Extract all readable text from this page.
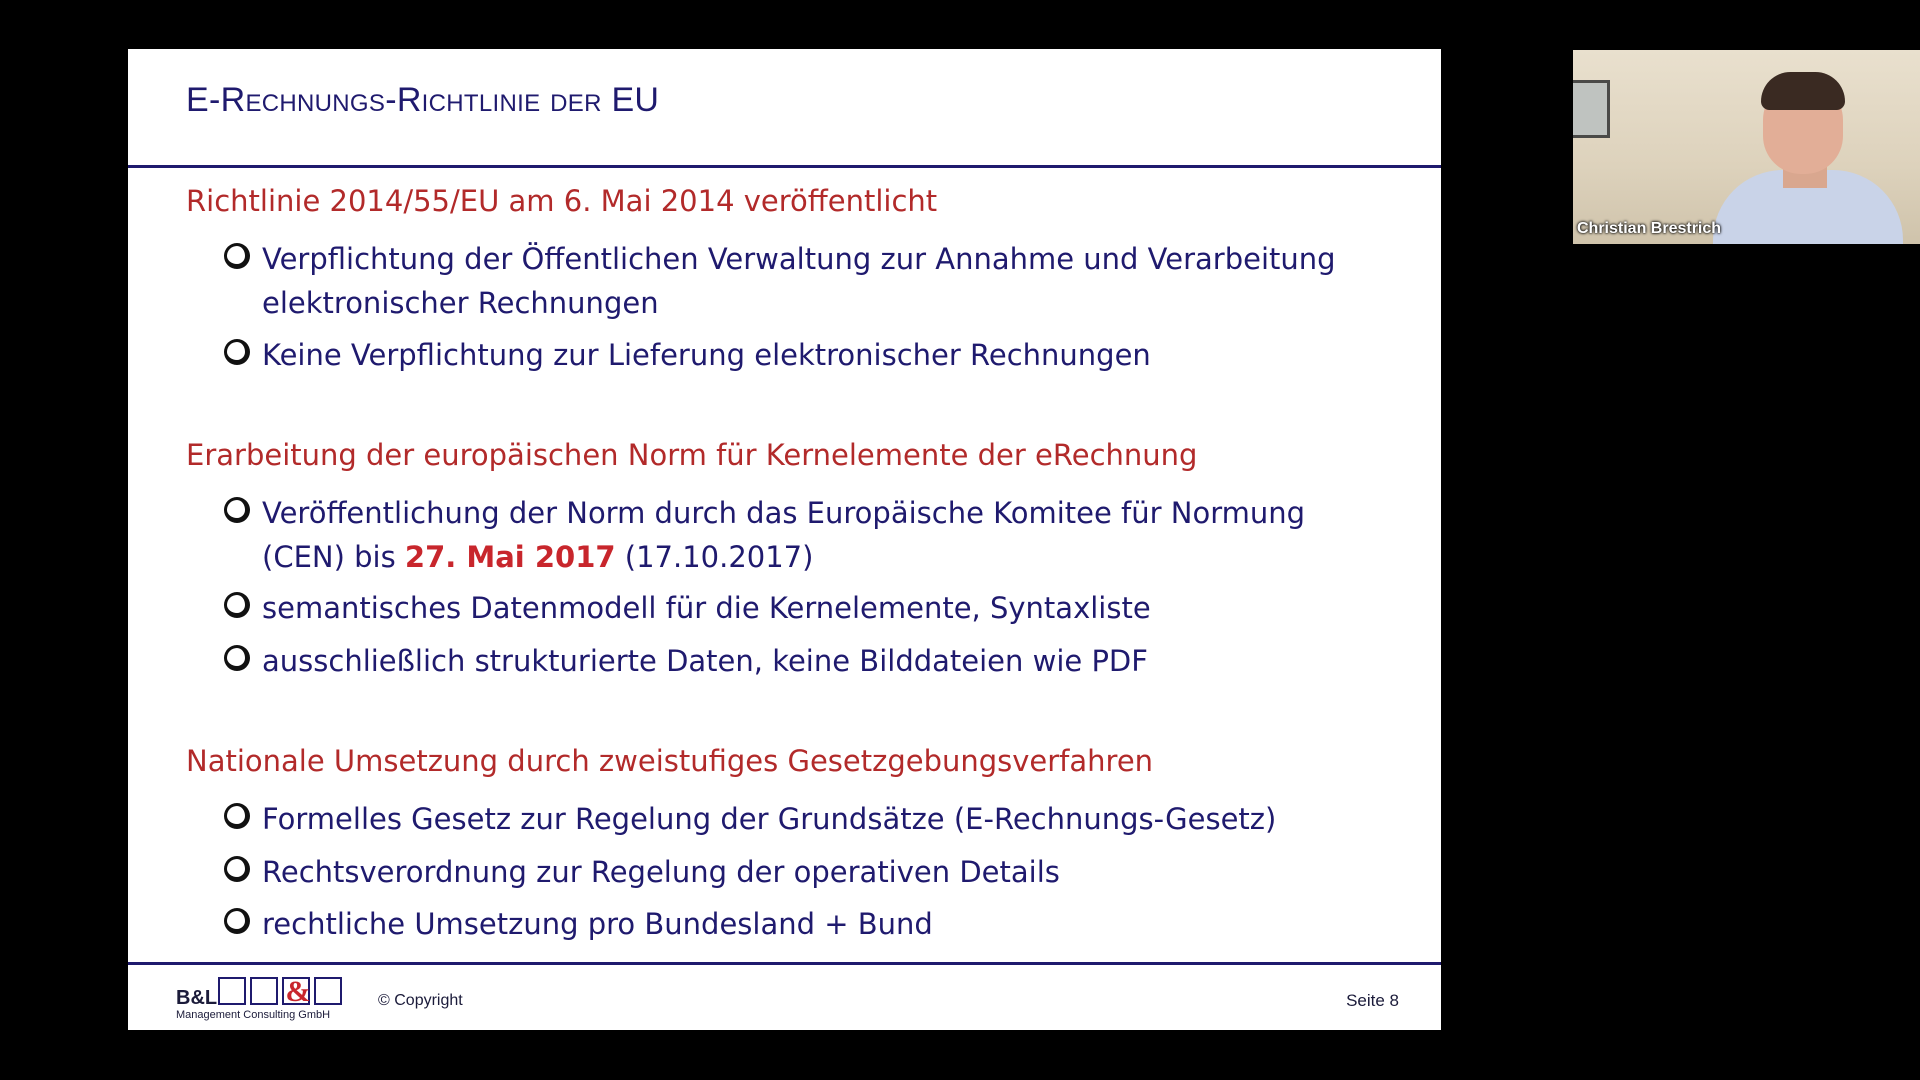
E-Rechnungs-Richtlinie der EU
Richtlinie 2014/55/EU am 6. Mai 2014 veröffentlicht
Verpflichtung der Öffentlichen Verwaltung zur Annahme und Verarbeitung
elektronischer Rechnungen
Keine Verpflichtung zur Lieferung elektronischer Rechnungen
Erarbeitung der europäischen Norm für Kernelemente der eRechnung
Veröffentlichung der Norm durch das Europäische Komitee für Normung
(CEN) bis 27. Mai 2017 (17.10.2017)
semantisches Datenmodell für die Kernelemente, Syntaxliste
ausschließlich strukturierte Daten, keine Bilddateien wie PDF
Nationale Umsetzung durch zweistufiges Gesetzgebungsverfahren
Formelles Gesetz zur Regelung der Grundsätze (E-Rechnungs-Gesetz)
Rechtsverordnung zur Regelung der operativen Details
rechtliche Umsetzung pro Bundesland + Bund
B&L &
Management Consulting GmbH
© Copyright	Seite 8
Christian Brestrich
